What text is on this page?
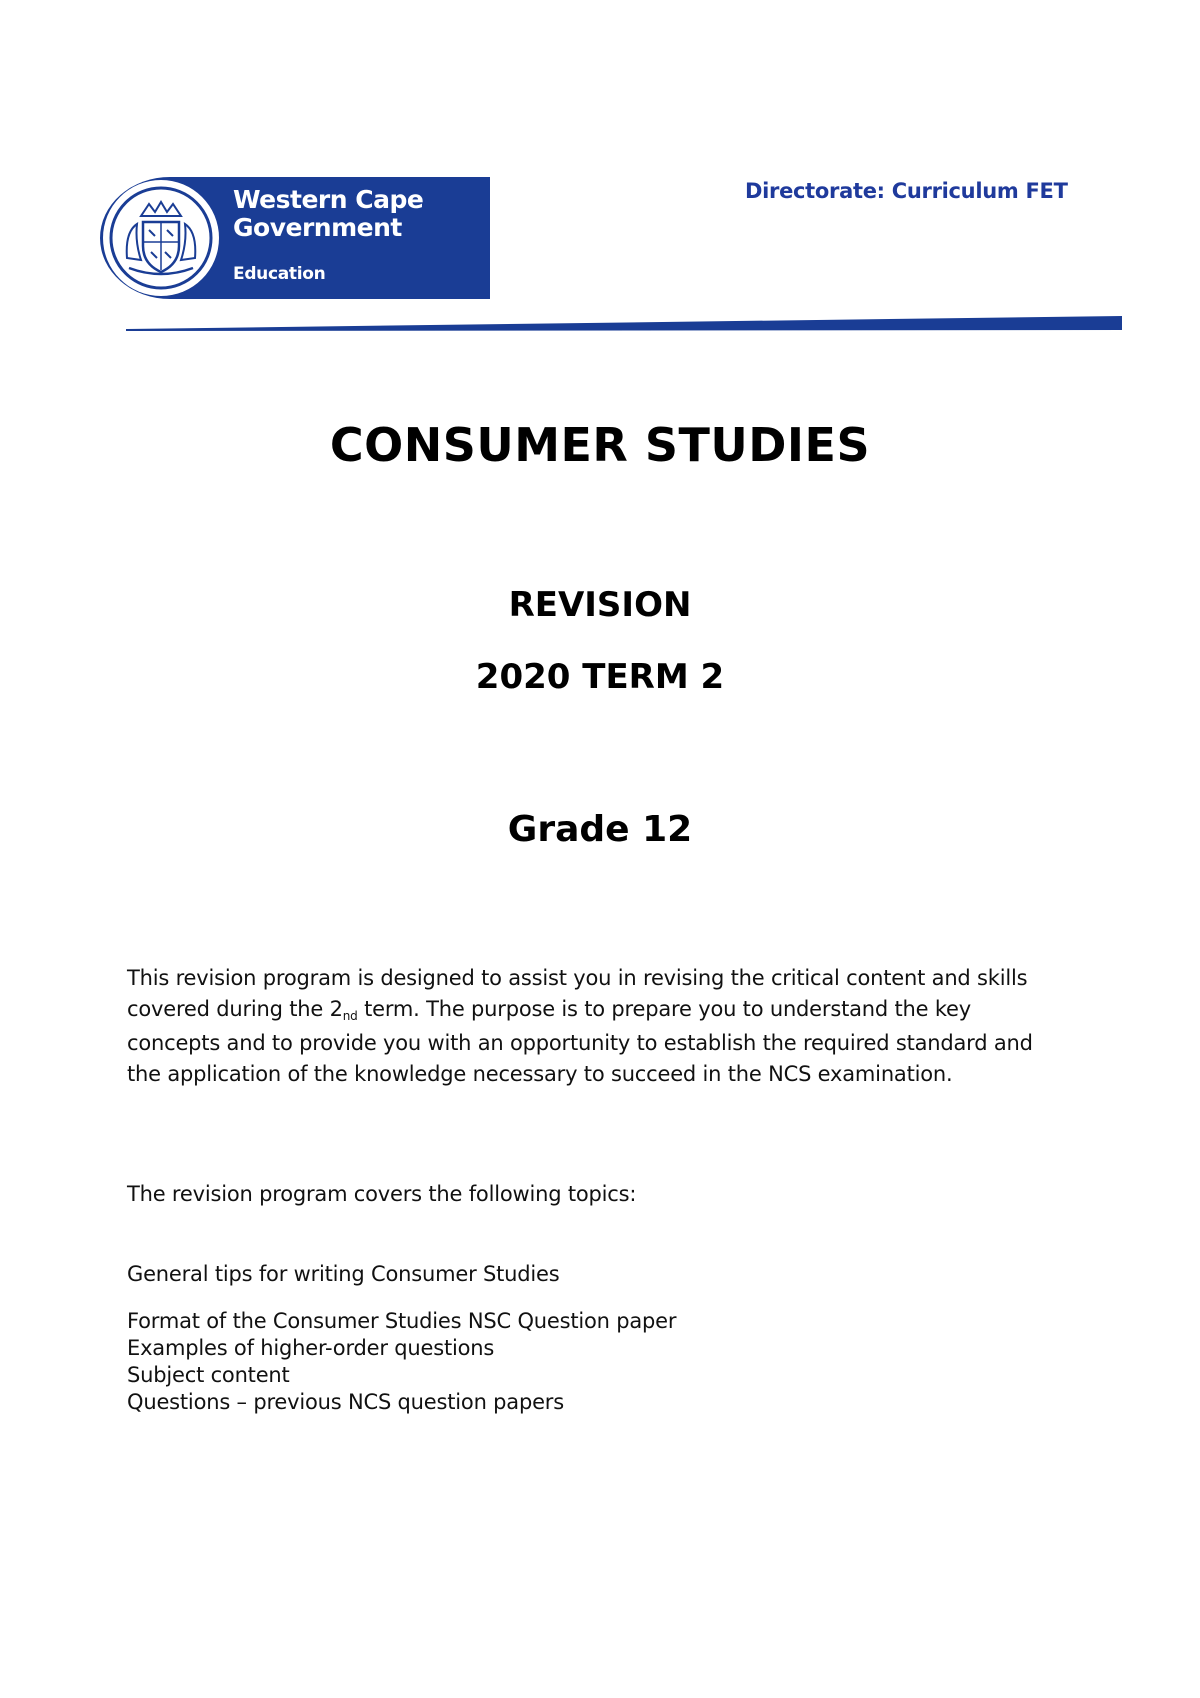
Western Cape
Government
Education
Directorate: Curriculum FET
CONSUMER STUDIES
REVISION
2020 TERM 2
Grade 12
This revision program is designed to assist you in revising the critical content and skills covered during the 2nd term. The purpose is to prepare you to understand the key concepts and to provide you with an opportunity to establish the required standard and the application of the knowledge necessary to succeed in the NCS examination.
The revision program covers the following topics:
General tips for writing Consumer Studies
Format of the Consumer Studies NSC Question paper
Examples of higher-order questions
Subject content
Questions – previous NCS question papers
